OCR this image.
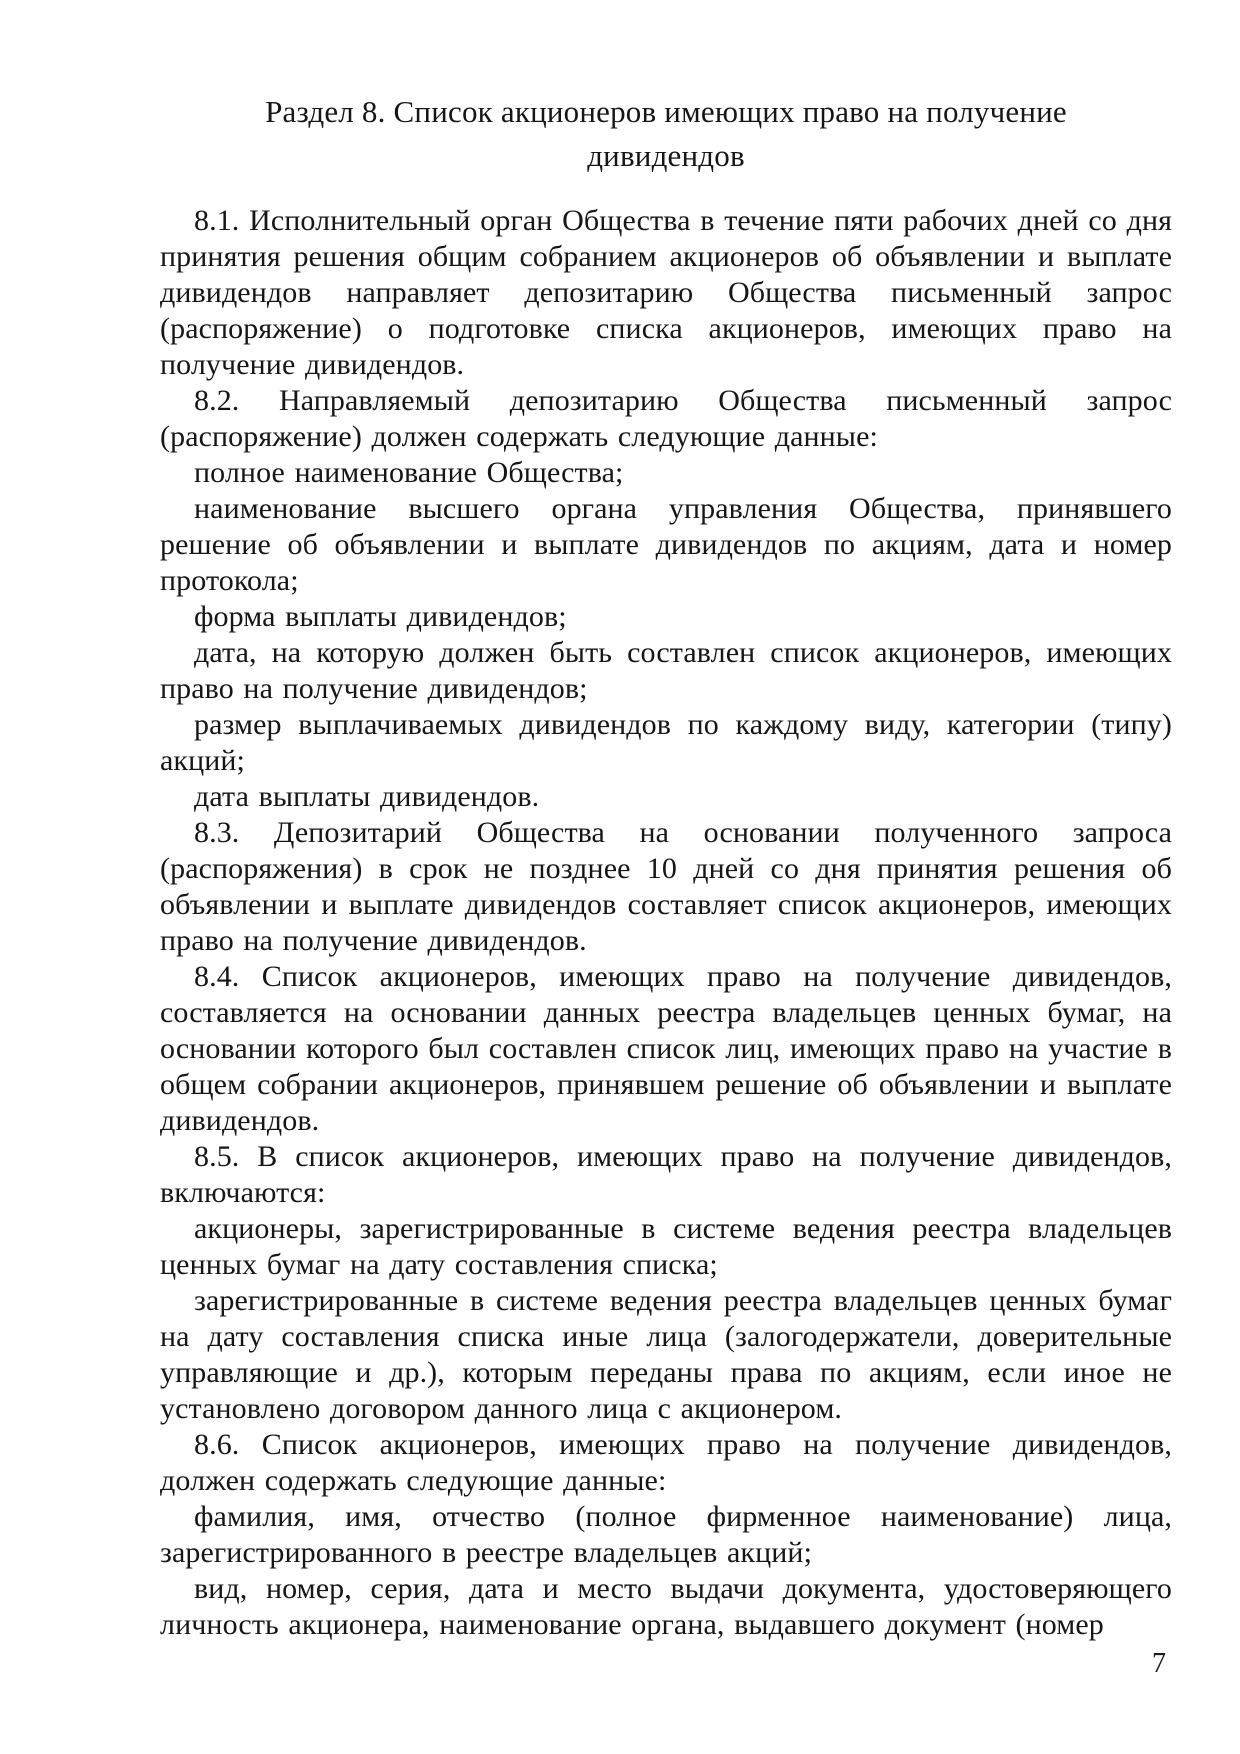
Раздел 8. Список акционеров имеющих право на получение
дивидендов

8.1. Исполнительный орган Общества в течение пяти рабочих дней со дня принятия решения общим собранием акционеров об объявлении и выплате дивидендов направляет депозитарию Общества письменный запрос (распоряжение) о подготовке списка акционеров, имеющих право на получение дивидендов.

8.2. Направляемый депозитарию Общества письменный запрос (распоряжение) должен содержать следующие данные:

полное наименование Общества;

наименование высшего органа управления Общества, принявшего решение об объявлении и выплате дивидендов по акциям, дата и номер протокола;

форма выплаты дивидендов;

дата, на которую должен быть составлен список акционеров, имеющих право на получение дивидендов;

размер выплачиваемых дивидендов по каждому виду, категории (типу) акций;

дата выплаты дивидендов.

8.3. Депозитарий Общества на основании полученного запроса (распоряжения) в срок не позднее 10 дней со дня принятия решения об объявлении и выплате дивидендов составляет список акционеров, имеющих право на получение дивидендов.

8.4. Список акционеров, имеющих право на получение дивидендов, составляется на основании данных реестра владельцев ценных бумаг, на основании которого был составлен список лиц, имеющих право на участие в общем собрании акционеров, принявшем решение об объявлении и выплате дивидендов.

8.5. В список акционеров, имеющих право на получение дивидендов, включаются:

акционеры, зарегистрированные в системе ведения реестра владельцев ценных бумаг на дату составления списка;

зарегистрированные в системе ведения реестра владельцев ценных бумаг на дату составления списка иные лица (залогодержатели, доверительные управляющие и др.), которым переданы права по акциям, если иное не установлено договором данного лица с акционером.

8.6. Список акционеров, имеющих право на получение дивидендов, должен содержать следующие данные:

фамилия, имя, отчество (полное фирменное наименование) лица, зарегистрированного в реестре владельцев акций;

вид, номер, серия, дата и место выдачи документа, удостоверяющего личность акционера, наименование органа, выдавшего документ (номер

7
